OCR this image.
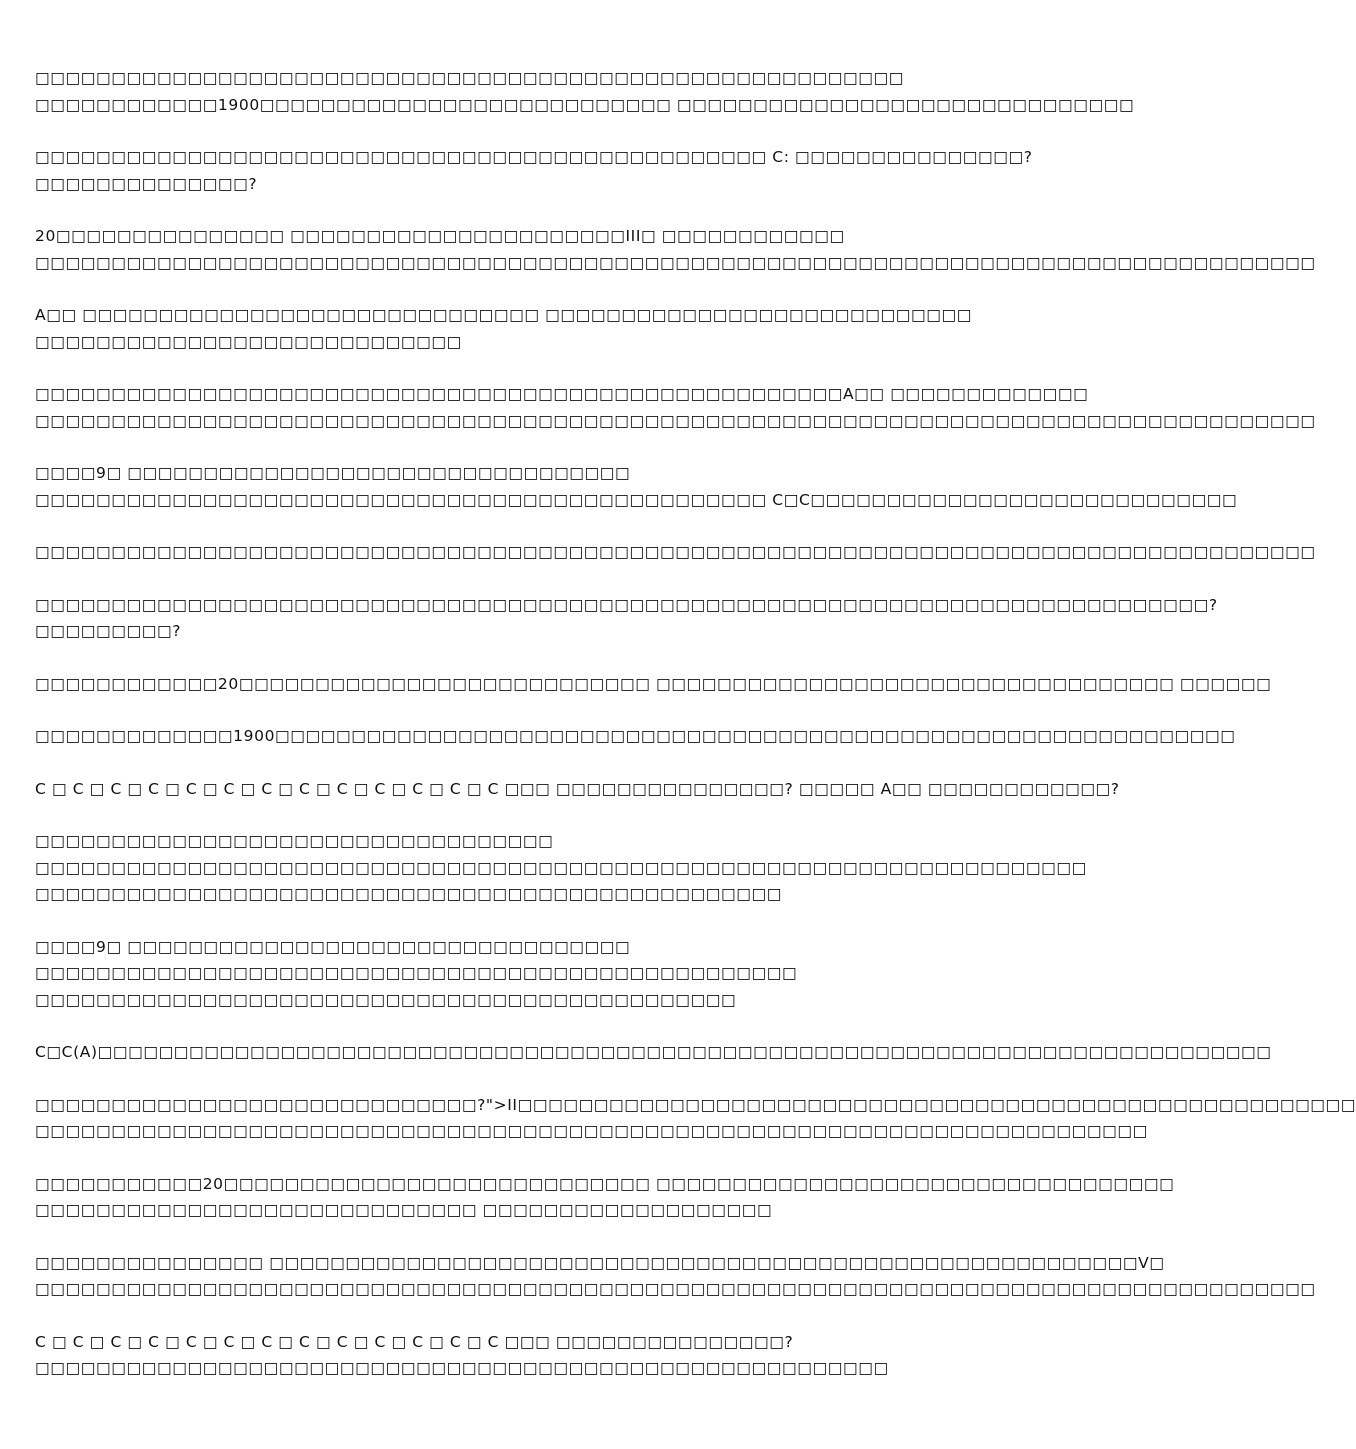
□□□□□□□□□□□□□□□□□□□□□□□□□□□□□□□□□□□□□□□□□□□□□□□□□□□□□□□□□
□□□□□□□□□□□□1900□□□□□□□□□□□□□□□□□□□□□□□□□□□ □□□□□□□□□□□□□□□□□□□□□□□□□□□□□□
□□□□□□□□□□□□□□□□□□□□□□□□□□□□□□□□□□□□□□□□□□□□□□□□ C: □□□□□□□□□□□□□□□?
□□□□□□□□□□□□□□?
20□□□□□□□□□□□□□□□ □□□□□□□□□□□□□□□□□□□□□□III□ □□□□□□□□□□□□
□□□□□□□□□□□□□□□□□□□□□□□□□□□□□□□□□□□□□□□□□□□□□□□□□□□□□□□□□□□□□□□□□□□□□□□□□□□□□□□□□□□□
A□□ □□□□□□□□□□□□□□□□□□□□□□□□□□□□□□ □□□□□□□□□□□□□□□□□□□□□□□□□□□□
□□□□□□□□□□□□□□□□□□□□□□□□□□□□
□□□□□□□□□□□□□□□□□□□□□□□□□□□□□□□□□□□□□□□□□□□□□□□□□□□□□A□□ □□□□□□□□□□□□□
□□□□□□□□□□□□□□□□□□□□□□□□□□□□□□□□□□□□□□□□□□□□□□□□□□□□□□□□□□□□□□□□□□□□□□□□□□□□□□□□□□□□
□□□□9□ □□□□□□□□□□□□□□□□□□□□□□□□□□□□□□□□□
□□□□□□□□□□□□□□□□□□□□□□□□□□□□□□□□□□□□□□□□□□□□□□□□ C□C□□□□□□□□□□□□□□□□□□□□□□□□□□□□
□□□□□□□□□□□□□□□□□□□□□□□□□□□□□□□□□□□□□□□□□□□□□□□□□□□□□□□□□□□□□□□□□□□□□□□□□□□□□□□□□□□□
□□□□□□□□□□□□□□□□□□□□□□□□□□□□□□□□□□□□□□□□□□□□□□□□□□□□□□□□□□□□□□□□□□□□□□□□□□□□□?
□□□□□□□□□?
□□□□□□□□□□□□20□□□□□□□□□□□□□□□□□□□□□□□□□□□ □□□□□□□□□□□□□□□□□□□□□□□□□□□□□□□□□□ □□□□□□
□□□□□□□□□□□□□1900□□□□□□□□□□□□□□□□□□□□□□□□□□□□□□□□□□□□□□□□□□□□□□□□□□□□□□□□□□□□□□□
C □ C □ C □ C □ C □ C □ C □ C □ C □ C □ C □ C □ C □□□ □□□□□□□□□□□□□□□? □□□□□ A□□ □□□□□□□□□□□□?
□□□□□□□□□□□□□□□□□□□□□□□□□□□□□□□□□□
□□□□□□□□□□□□□□□□□□□□□□□□□□□□□□□□□□□□□□□□□□□□□□□□□□□□□□□□□□□□□□□□□□□□□
□□□□□□□□□□□□□□□□□□□□□□□□□□□□□□□□□□□□□□□□□□□□□□□□□
□□□□9□ □□□□□□□□□□□□□□□□□□□□□□□□□□□□□□□□□
□□□□□□□□□□□□□□□□□□□□□□□□□□□□□□□□□□□□□□□□□□□□□□□□□□
□□□□□□□□□□□□□□□□□□□□□□□□□□□□□□□□□□□□□□□□□□□□□□
C□C(A)□□□□□□□□□□□□□□□□□□□□□□□□□□□□□□□□□□□□□□□□□□□□□□□□□□□□□□□□□□□□□□□□□□□□□□□□□□□□□
□□□□□□□□□□□□□□□□□□□□□□□□□□□□□?">II□□□□□□□□□□□□□□□□□□□□□□□□□□□□□□□□□□□□□□□□□□□□□□□□□□□□□□□
□□□□□□□□□□□□□□□□□□□□□□□□□□□□□□□□□□□□□□□□□□□□□□□□□□□□□□□□□□□□□□□□□□□□□□□□□
□□□□□□□□□□□20□□□□□□□□□□□□□□□□□□□□□□□□□□□□ □□□□□□□□□□□□□□□□□□□□□□□□□□□□□□□□□□
□□□□□□□□□□□□□□□□□□□□□□□□□□□□□ □□□□□□□□□□□□□□□□□□□
□□□□□□□□□□□□□□□ □□□□□□□□□□□□□□□□□□□□□□□□□□□□□□□□□□□□□□□□□□□□□□□□□□□□□□□□□V□
□□□□□□□□□□□□□□□□□□□□□□□□□□□□□□□□□□□□□□□□□□□□□□□□□□□□□□□□□□□□□□□□□□□□□□□□□□□□□□□□□□□□
C □ C □ C □ C □ C □ C □ C □ C □ C □ C □ C □ C □ C □□□ □□□□□□□□□□□□□□□?
□□□□□□□□□□□□□□□□□□□□□□□□□□□□□□□□□□□□□□□□□□□□□□□□□□□□□□□□
